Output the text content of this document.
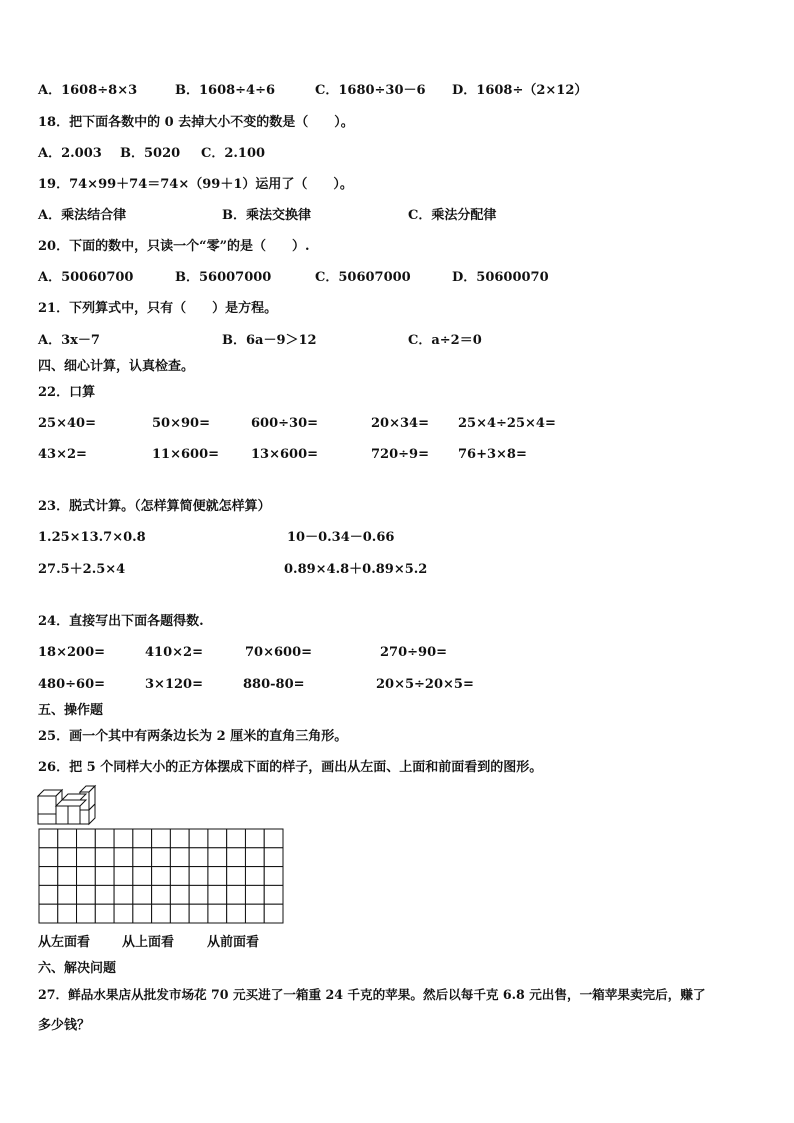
A．1608÷8×3	B．1608÷4÷6	C．1680÷30－6 D．1608÷（2×12）
18．把下面各数中的 0 去掉大小不变的数是（　　）。
A．2.003 B．5020 C．2.100
19．74×99＋74＝74×（99＋1）运用了（　　）。
A．乘法结合律	B．乘法交换律	C．乘法分配律
20．下面的数中，只读一个“零”的是（　　）.
A．50060700	B．56007000	C．50607000	D．50600070
21．下列算式中，只有（　　）是方程。
A．3x－7	B．6a－9＞12	C．a÷2＝0
四、细心计算，认真检查。
22．口算
25×40=	50×90=	600÷30=	20×34= 25×4÷25×4=
43×2=	11×600= 13×600=	720÷9= 76+3×8=
23．脱式计算。（怎样算简便就怎样算）
1.25×13.7×0.8	10－0.34－0.66
27.5＋2.5×4	0.89×4.8＋0.89×5.2
24．直接写出下面各题得数.
18×200=	410×2=	70×600=	270÷90=
480÷60=	3×120=	880-80=	20×5÷20×5=
五、操作题
25．画一个其中有两条边长为 2 厘米的直角三角形。
26．把 5 个同样大小的正方体摆成下面的样子，画出从左面、上面和前面看到的图形。
从左面看 从上面看	从前面看
六、解决问题
27．鲜品水果店从批发市场花 70 元买进了一箱重 24 千克的苹果。然后以每千克 6.8 元出售，一箱苹果卖完后，赚了
多少钱？
